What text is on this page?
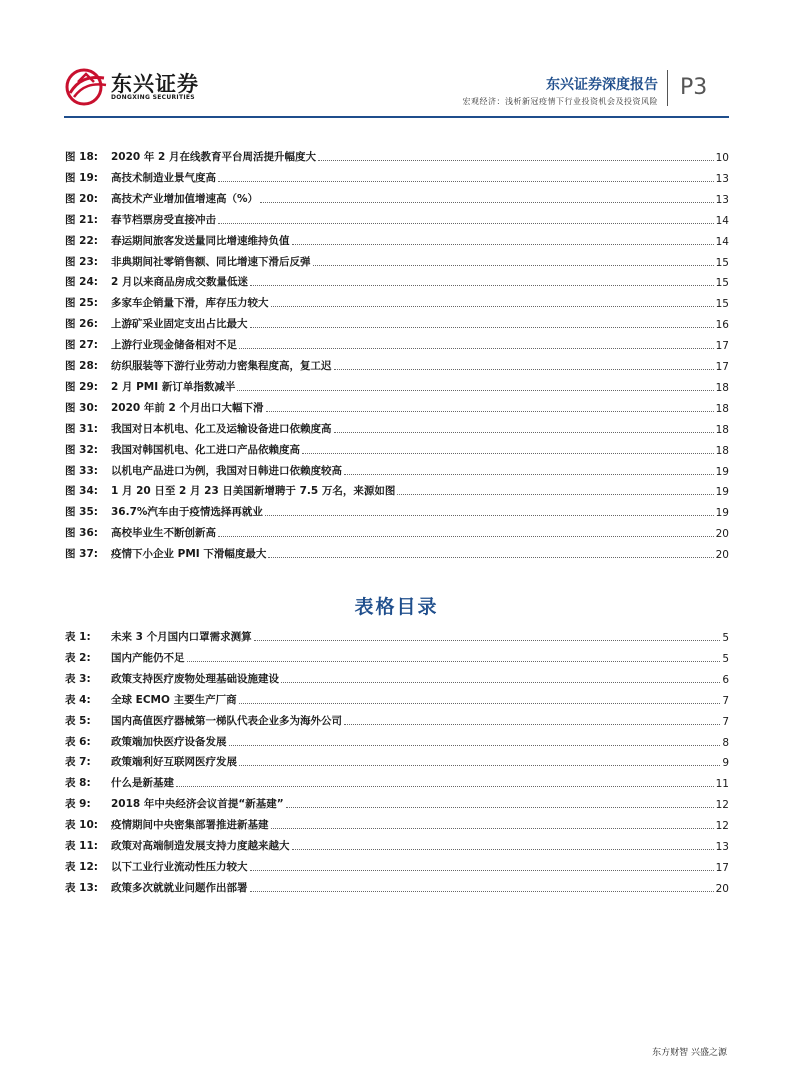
东兴证券
DONGXING SECURITIES
东兴证券深度报告
宏观经济：浅析新冠疫情下行业投资机会及投资风险
P3
图 18:	2020 年 2 月在线教育平台周活提升幅度大	10
图 19:	高技术制造业景气度高	13
图 20:	高技术产业增加值增速高（%）	13
图 21:	春节档票房受直接冲击	14
图 22:	春运期间旅客发送量同比增速维持负值	14
图 23:	非典期间社零销售额、同比增速下滑后反弹	15
图 24:	2 月以来商品房成交数量低迷	15
图 25:	多家车企销量下滑，库存压力较大	15
图 26:	上游矿采业固定支出占比最大	16
图 27:	上游行业现金储备相对不足	17
图 28:	纺织服装等下游行业劳动力密集程度高，复工迟	17
图 29:	2 月 PMI 新订单指数减半	18
图 30:	2020 年前 2 个月出口大幅下滑	18
图 31:	我国对日本机电、化工及运输设备进口依赖度高	18
图 32:	我国对韩国机电、化工进口产品依赖度高	18
图 33:	以机电产品进口为例，我国对日韩进口依赖度较高	19
图 34:	1 月 20 日至 2 月 23 日美国新增聘于 7.5 万名，来源如图	19
图 35:	36.7%汽车由于疫情选择再就业	19
图 36:	高校毕业生不断创新高	20
图 37:	疫情下小企业 PMI 下滑幅度最大	20
表格目录
表 1:	未来 3 个月国内口罩需求测算	5
表 2:	国内产能仍不足	5
表 3:	政策支持医疗废物处理基础设施建设	6
表 4:	全球 ECMO 主要生产厂商	7
表 5:	国内高值医疗器械第一梯队代表企业多为海外公司	7
表 6:	政策端加快医疗设备发展	8
表 7:	政策端利好互联网医疗发展	9
表 8:	什么是新基建	11
表 9:	2018 年中央经济会议首提“新基建”	12
表 10:	疫情期间中央密集部署推进新基建	12
表 11:	政策对高端制造发展支持力度越来越大	13
表 12:	以下工业行业流动性压力较大	17
表 13:	政策多次就就业问题作出部署	20
东方财智 兴盛之源
